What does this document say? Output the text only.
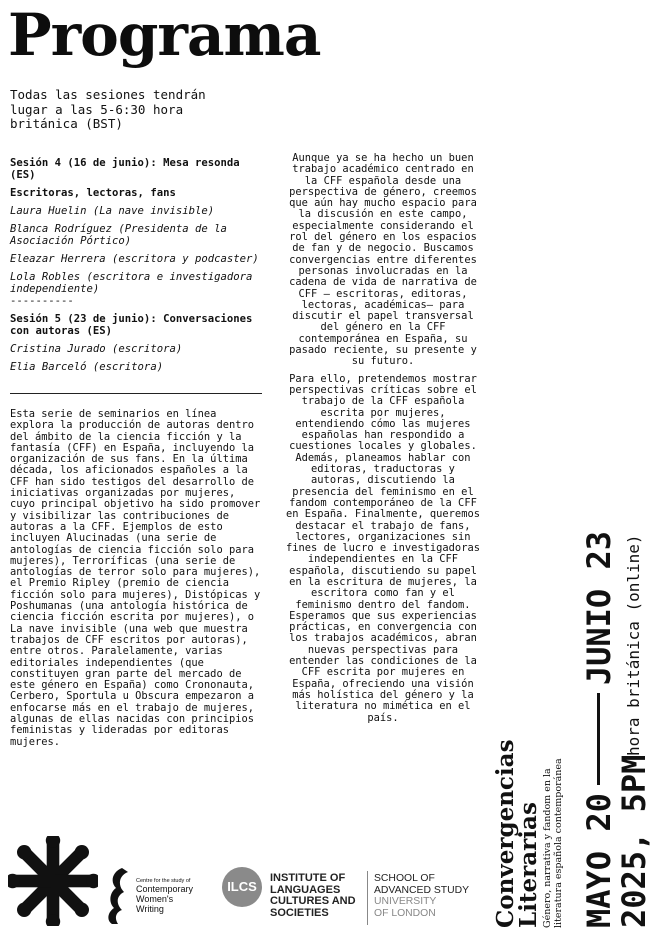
Programa

Todas las sesiones tendrán lugar a las 5-6:30 hora británica (BST)

Sesión 4 (16 de junio): Mesa resonda (ES)

Escritoras, lectoras, fans

Laura Huelin (La nave invisible)

Blanca Rodríguez (Presidenta de la Asociación Pórtico)

Eleazar Herrera (escritora y podcaster)

Lola Robles (escritora e investigadora independiente)

----------

Sesión 5 (23 de junio): Conversaciones con autoras (ES)

Cristina Jurado (escritora)

Elia Barceló (escritora)

Esta serie de seminarios en línea explora la producción de autoras dentro del ámbito de la ciencia ficción y la fantasía (CFF) en España, incluyendo la organización de sus fans. En la última década, los aficionados españoles a la CFF han sido testigos del desarrollo de iniciativas organizadas por mujeres, cuyo principal objetivo ha sido promover y visibilizar las contribuciones de autoras a la CFF. Ejemplos de esto incluyen Alucinadas (una serie de antologías de ciencia ficción solo para mujeres), Terroríficas (una serie de antologías de terror solo para mujeres), el Premio Ripley (premio de ciencia ficción solo para mujeres), Distópicas y Poshumanas (una antología histórica de ciencia ficción escrita por mujeres), o La nave invisible (una web que muestra trabajos de CFF escritos por autoras), entre otros. Paralelamente, varias editoriales independientes (que constituyen gran parte del mercado de este género en España) como Crononauta, Cerbero, Sportula u Obscura empezaron a enfocarse más en el trabajo de mujeres, algunas de ellas nacidas con principios feministas y lideradas por editoras mujeres.

Aunque ya se ha hecho un buen trabajo académico centrado en la CFF española desde una perspectiva de género, creemos que aún hay mucho espacio para la discusión en este campo, especialmente considerando el rol del género en los espacios de fan y de negocio. Buscamos convergencias entre diferentes personas involucradas en la cadena de vida de narrativa de CFF — escritoras, editoras, lectoras, académicas— para discutir el papel transversal del género en la CFF contemporánea en España, su pasado reciente, su presente y su futuro.

Para ello, pretendemos mostrar perspectivas críticas sobre el trabajo de la CFF española escrita por mujeres, entendiendo cómo las mujeres españolas han respondido a cuestiones locales y globales. Además, planeamos hablar con editoras, traductoras y autoras, discutiendo la presencia del feminismo en el fandom contemporáneo de la CFF en España. Finalmente, queremos destacar el trabajo de fans, lectores, organizaciones sin fines de lucro e investigadoras independientes en la CFF española, discutiendo su papel en la escritura de mujeres, la escritora como fan y el feminismo dentro del fandom. Esperamos que sus experiencias prácticas, en convergencia con los trabajos académicos, abran nuevas perspectivas para entender las condiciones de la CFF escrita por mujeres en España, ofreciendo una visión más holística del género y la literatura no mimética en el país.

MAYO 20JUNIO 23
2025, 5PM
hora británica (online)
Convergencias
Literarias Género, narrativa y fandom en la
literatura española contemporánea
Centre for the study of
Contemporary
Women's Writing
ILCS
INSTITUTE OF
LANGUAGES
CULTURES AND
SOCIETIES
SCHOOL OF
ADVANCED STUDY
UNIVERSITY
OF LONDON
